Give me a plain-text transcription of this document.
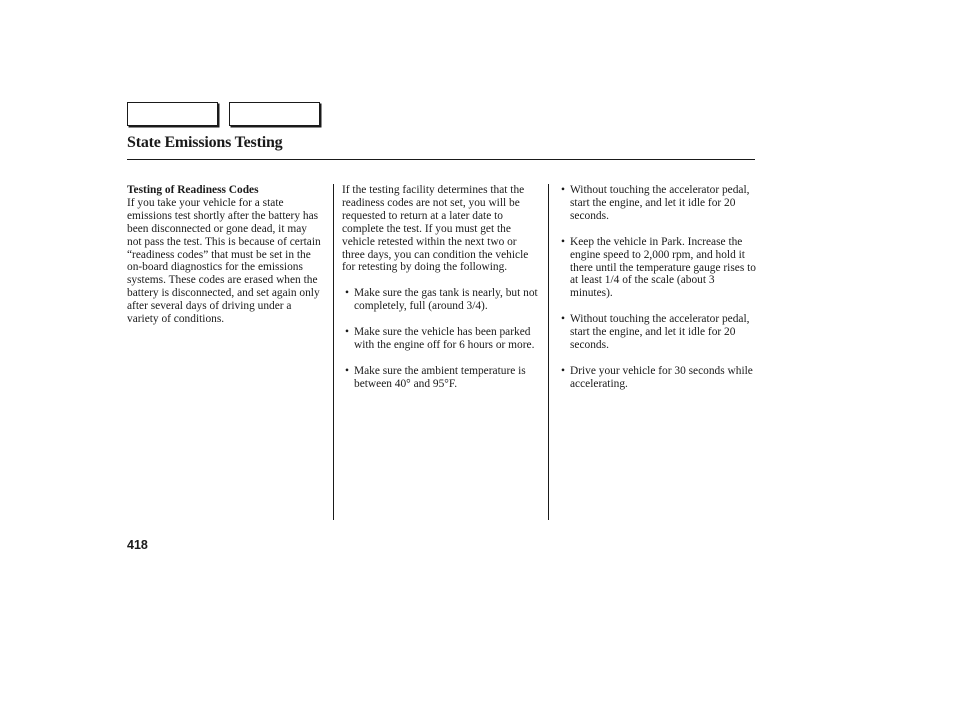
State Emissions Testing
Testing of Readiness Codes

If you take your vehicle for a state emissions test shortly after the battery has been disconnected or gone dead, it may not pass the test. This is because of certain “readiness codes” that must be set in the on-board diagnostics for the emissions systems. These codes are erased when the battery is disconnected, and set again only after several days of driving under a variety of conditions.

If the testing facility determines that the readiness codes are not set, you will be requested to return at a later date to complete the test. If you must get the vehicle retested within the next two or three days, you can condition the vehicle for retesting by doing the following.

• Make sure the gas tank is nearly, but not completely, full (around 3/4).
• Make sure the vehicle has been parked with the engine off for 6 hours or more.
• Make sure the ambient temperature is between 40° and 95°F.
• Without touching the accelerator pedal, start the engine, and let it idle for 20 seconds.
• Keep the vehicle in Park. Increase the engine speed to 2,000 rpm, and hold it there until the temperature gauge rises to at least 1/4 of the scale (about 3 minutes).
• Without touching the accelerator pedal, start the engine, and let it idle for 20 seconds.
• Drive your vehicle for 30 seconds while accelerating.
418
